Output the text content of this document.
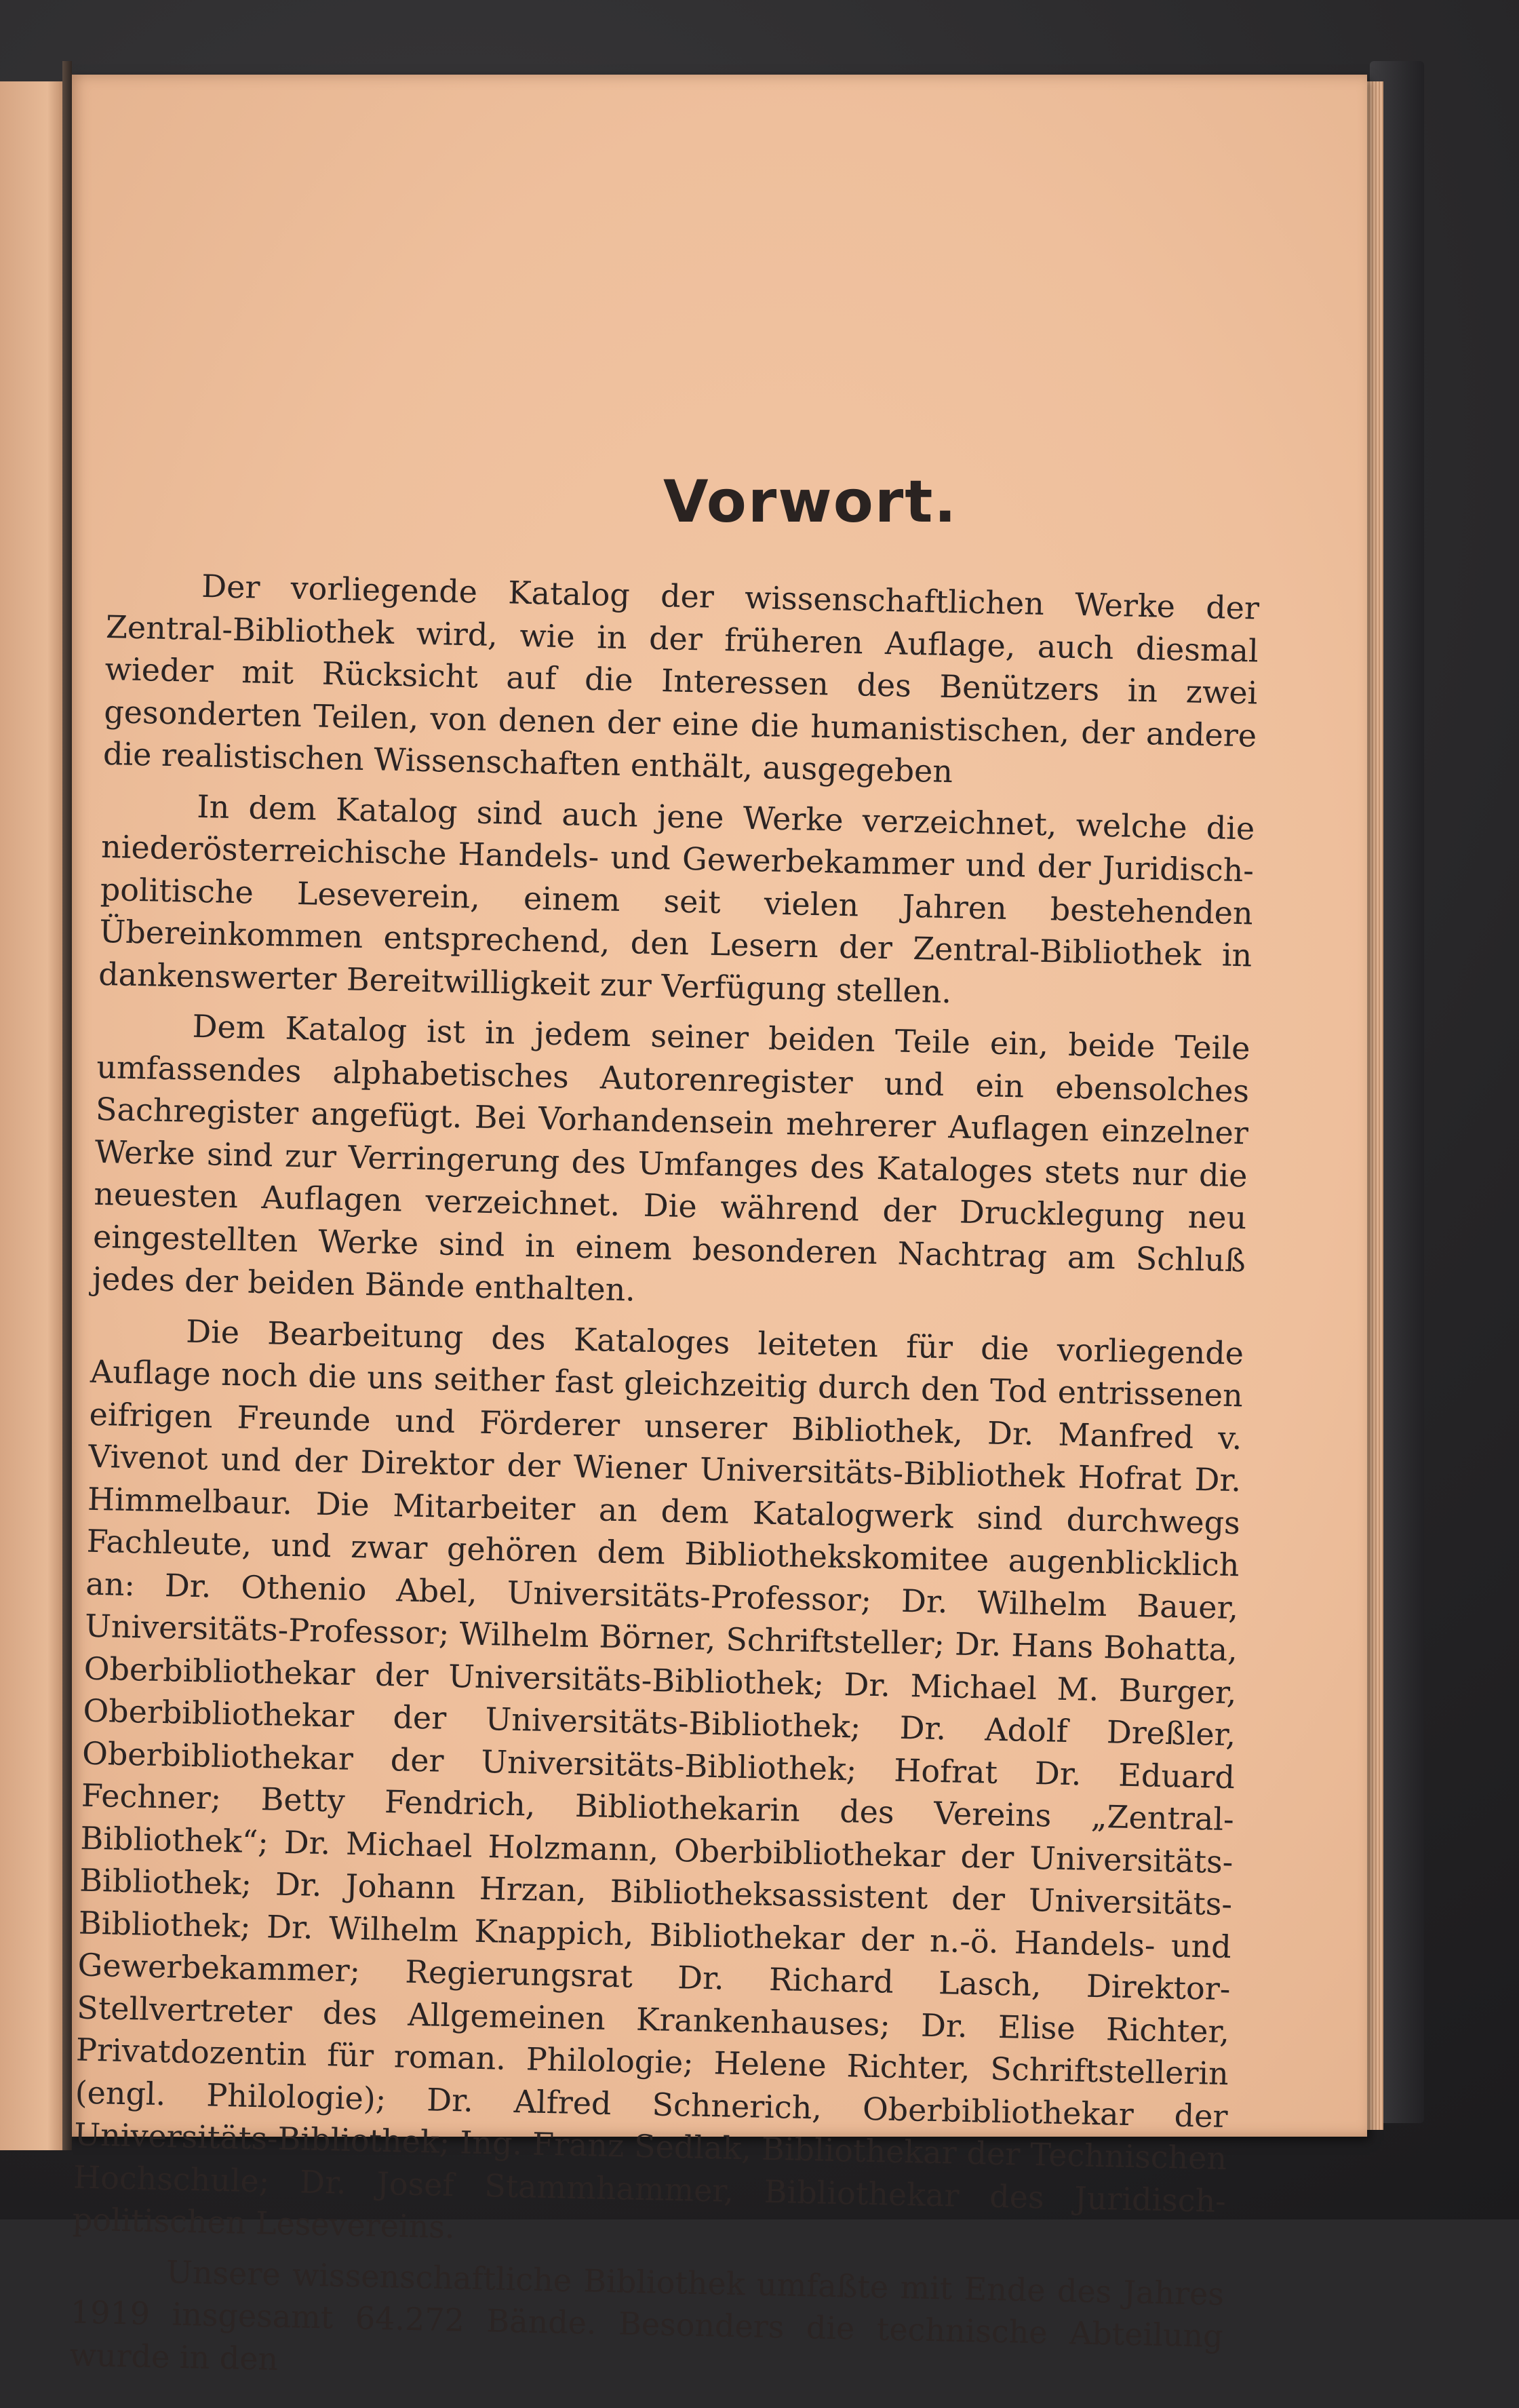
Vorwort.

Der vorliegende Katalog der wissenschaftlichen Werke der Zentral-Bibliothek wird, wie in der früheren Auflage, auch diesmal wieder mit Rücksicht auf die Interessen des Benützers in zwei gesonderten Teilen, von denen der eine die humanistischen, der andere die realistischen Wissenschaften enthält, ausgegeben

In dem Katalog sind auch jene Werke verzeichnet, welche die niederösterreichische Handels- und Gewerbekammer und der Juridisch-politische Leseverein, einem seit vielen Jahren bestehenden Übereinkommen entsprechend, den Lesern der Zentral-Bibliothek in dankenswerter Bereitwilligkeit zur Verfügung stellen.

Dem Katalog ist in jedem seiner beiden Teile ein, beide Teile umfassendes alphabetisches Autorenregister und ein ebensolches Sachregister angefügt. Bei Vorhandensein mehrerer Auflagen einzelner Werke sind zur Verringerung des Umfanges des Kataloges stets nur die neuesten Auflagen verzeichnet. Die während der Drucklegung neu eingestellten Werke sind in einem besonderen Nachtrag am Schluß jedes der beiden Bände enthalten.

Die Bearbeitung des Kataloges leiteten für die vorliegende Auflage noch die uns seither fast gleichzeitig durch den Tod entrissenen eifrigen Freunde und Förderer unserer Bibliothek, Dr. Manfred v. Vivenot und der Direktor der Wiener Universitäts-Bibliothek Hofrat Dr. Himmelbaur. Die Mitarbeiter an dem Katalogwerk sind durchwegs Fachleute, und zwar gehören dem Bibliothekskomitee augenblicklich an: Dr. Othenio Abel, Universitäts-Professor; Dr. Wilhelm Bauer, Universitäts-Professor; Wilhelm Börner, Schriftsteller; Dr. Hans Bohatta, Oberbibliothekar der Universitäts-Bibliothek; Dr. Michael M. Burger, Oberbibliothekar der Universitäts-Bibliothek; Dr. Adolf Dreßler, Oberbibliothekar der Universitäts-Bibliothek; Hofrat Dr. Eduard Fechner; Betty Fendrich, Bibliothekarin des Vereins „Zentral-Bibliothek“; Dr. Michael Holzmann, Oberbibliothekar der Universitäts-Bibliothek; Dr. Johann Hrzan, Bibliotheksassistent der Universitäts-Bibliothek; Dr. Wilhelm Knappich, Bibliothekar der n.-ö. Handels- und Gewerbekammer; Regierungsrat Dr. Richard Lasch, Direktor-Stellvertreter des Allgemeinen Krankenhauses; Dr. Elise Richter, Privatdozentin für roman. Philologie; Helene Richter, Schriftstellerin (engl. Philologie); Dr. Alfred Schnerich, Oberbibliothekar der Universitäts-Bibliothek; Ing. Franz Sedlak, Bibliothekar der Technischen Hochschule; Dr. Josef Stammhammer, Bibliothekar des Juridisch-politischen Lesevereins.

Unsere wissenschaftliche Bibliothek umfaßte mit Ende des Jahres 1919 insgesamt 64.272 Bände. Besonders die technische Abteilung wurde in den
